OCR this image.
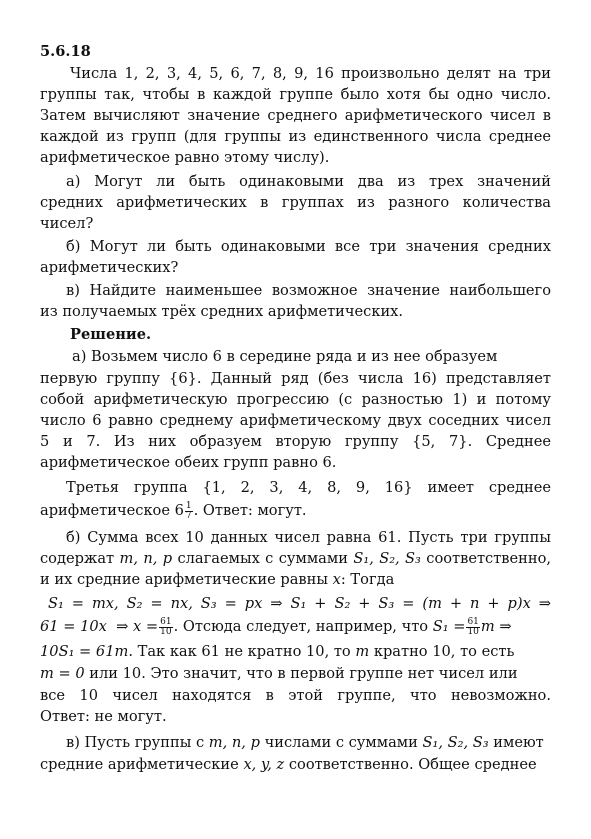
5.6.18
Числа 1, 2, 3, 4, 5, 6, 7, 8, 9, 16 произвольно делят на три
группы так, чтобы в каждой группе было хотя бы одно число.
Затем вычисляют значение среднего арифметического чисел в
каждой из групп (для группы из единственного числа среднее
арифметическое равно этому числу).
а) Могут ли быть одинаковыми два из трех значений
средних арифметических в группах из разного количества
чисел?
б) Могут ли быть одинаковыми все три значения средних
арифметических?
в) Найдите наименьшее возможное значение наибольшего
из получаемых трёх средних арифметических.
Решение.
а) Возьмем число 6 в середине ряда и из нее образуем
первую группу {6}. Данный ряд (без числа 16) представляет
собой арифметическую прогрессию (с разностью 1) и потому
число 6 равно среднему арифметическому двух соседних чисел
5 и 7. Из них образуем вторую группу {5, 7}. Среднее
арифметическое обеих групп равно 6.
Третья группа {1, 2, 3, 4, 8, 9, 16} имеет среднее
арифметическое $6 \frac{1}{7}$ . Ответ: могут.
б) Сумма всех 10 данных чисел равна 61. Пусть три группы
содержат m, n, p слагаемых с суммами S₁, S₂, S₃ соответственно,
и их средние арифметические равны x: Тогда
S₁ = mx, S₂ = nx, S₃ = px ⇒ S₁ + S₂ + S₃ = (m + n + p)x ⇒
61 = 10x ⇒ $x = \frac{61}{10}$ . Отсюда следует, например, что $S_1 = \frac{61}{10}$ m ⇒
10S₁ = 61m. Так как 61 не кратно 10, то m кратно 10, то есть
m = 0 или 10. Это значит, что в первой группе нет чисел или
все 10 чисел находятся в этой группе, что невозможно.
Ответ: не могут.
в) Пусть группы с m, n, p числами с суммами S₁, S₂, S₃ имеют
средние арифметические x, y, z соответственно. Общее среднее
